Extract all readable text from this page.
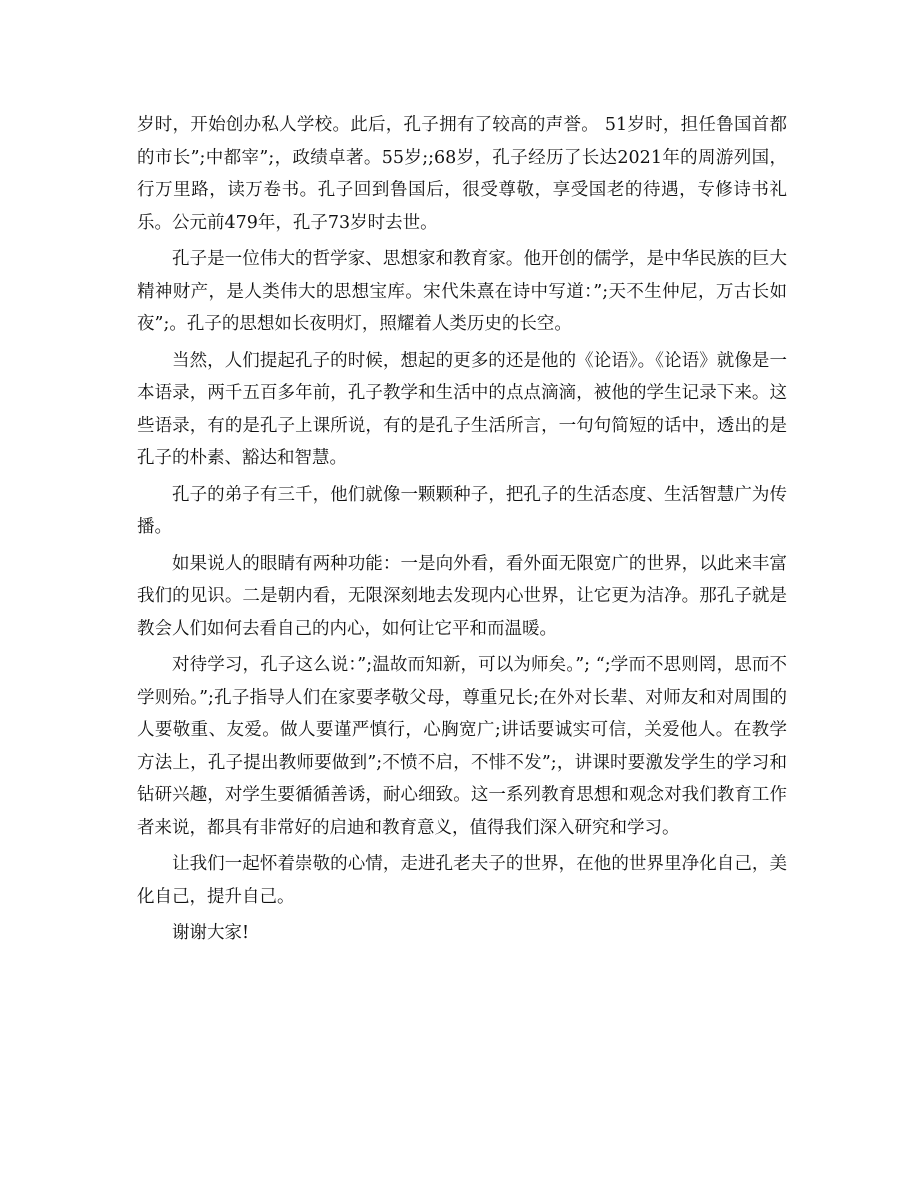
岁时，开始创办私人学校。此后，孔子拥有了较高的声誉。 51岁时，担任鲁国首都的市长”;中都宰”;，政绩卓著。55岁;;68岁，孔子经历了长达2021年的周游列国，行万里路，读万卷书。孔子回到鲁国后，很受尊敬，享受国老的待遇，专修诗书礼乐。公元前479年，孔子73岁时去世。

孔子是一位伟大的哲学家、思想家和教育家。他开创的儒学，是中华民族的巨大精神财产，是人类伟大的思想宝库。宋代朱熹在诗中写道：”;天不生仲尼，万古长如夜”;。孔子的思想如长夜明灯，照耀着人类历史的长空。

当然，人们提起孔子的时候，想起的更多的还是他的《论语》。《论语》就像是一本语录，两千五百多年前，孔子教学和生活中的点点滴滴，被他的学生记录下来。这些语录，有的是孔子上课所说，有的是孔子生活所言，一句句简短的话中，透出的是孔子的朴素、豁达和智慧。

孔子的弟子有三千，他们就像一颗颗种子，把孔子的生活态度、生活智慧广为传播。

如果说人的眼睛有两种功能：一是向外看，看外面无限宽广的世界，以此来丰富我们的见识。二是朝内看，无限深刻地去发现内心世界，让它更为洁净。那孔子就是教会人们如何去看自己的内心，如何让它平和而温暖。

对待学习，孔子这么说：”;温故而知新，可以为师矣。”; “;学而不思则罔，思而不学则殆。”;孔子指导人们在家要孝敬父母，尊重兄长;在外对长辈、对师友和对周围的人要敬重、友爱。做人要谨严慎行，心胸宽广;讲话要诚实可信，关爱他人。在教学方法上，孔子提出教师要做到”;不愤不启，不悱不发”;，讲课时要激发学生的学习和钻研兴趣，对学生要循循善诱，耐心细致。这一系列教育思想和观念对我们教育工作者来说，都具有非常好的启迪和教育意义，值得我们深入研究和学习。

让我们一起怀着崇敬的心情，走进孔老夫子的世界，在他的世界里净化自己，美化自己，提升自己。

谢谢大家!
